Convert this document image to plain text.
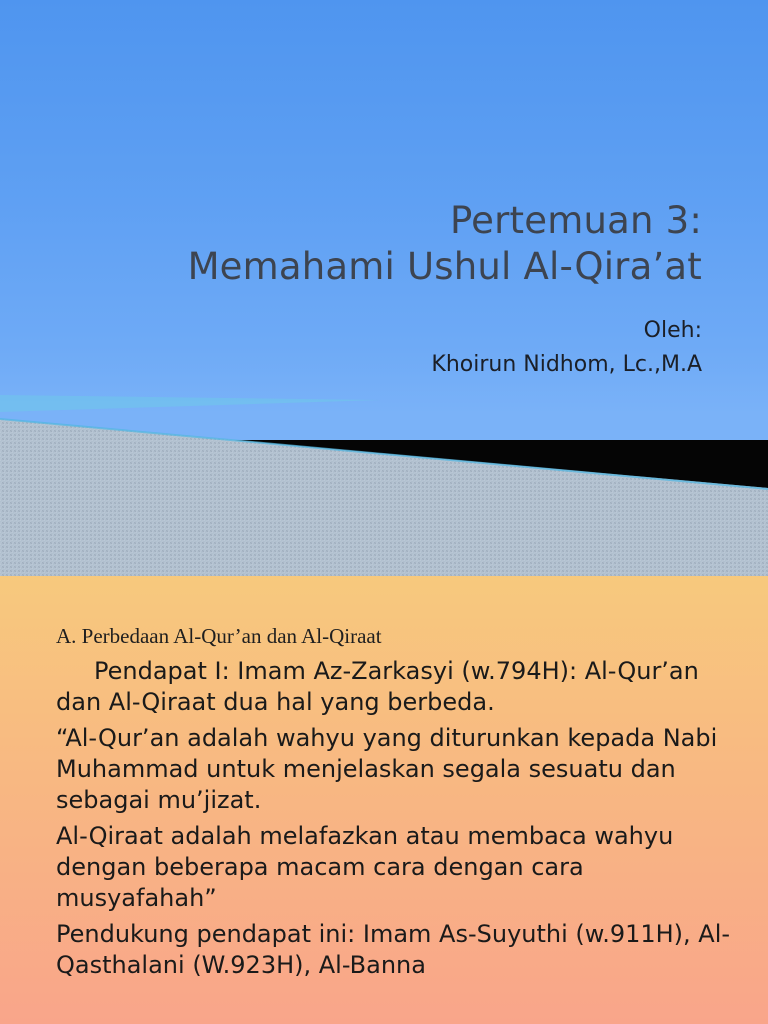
Pertemuan 3:
Memahami Ushul Al-Qira’at
Oleh:
Khoirun Nidhom, Lc.,M.A
A. Perbedaan Al-Qur’an dan Al-Qiraat

Pendapat I: Imam Az-Zarkasyi (w.794H): Al-Qur’an dan Al-Qiraat dua hal yang berbeda.

“Al-Qur’an adalah wahyu yang diturunkan kepada Nabi Muhammad untuk menjelaskan segala sesuatu dan sebagai mu’jizat.

Al-Qiraat adalah melafazkan atau membaca wahyu dengan beberapa macam cara dengan cara musyafahah”

Pendukung pendapat ini: Imam As-Suyuthi (w.911H), Al-Qasthalani (W.923H), Al-Banna
